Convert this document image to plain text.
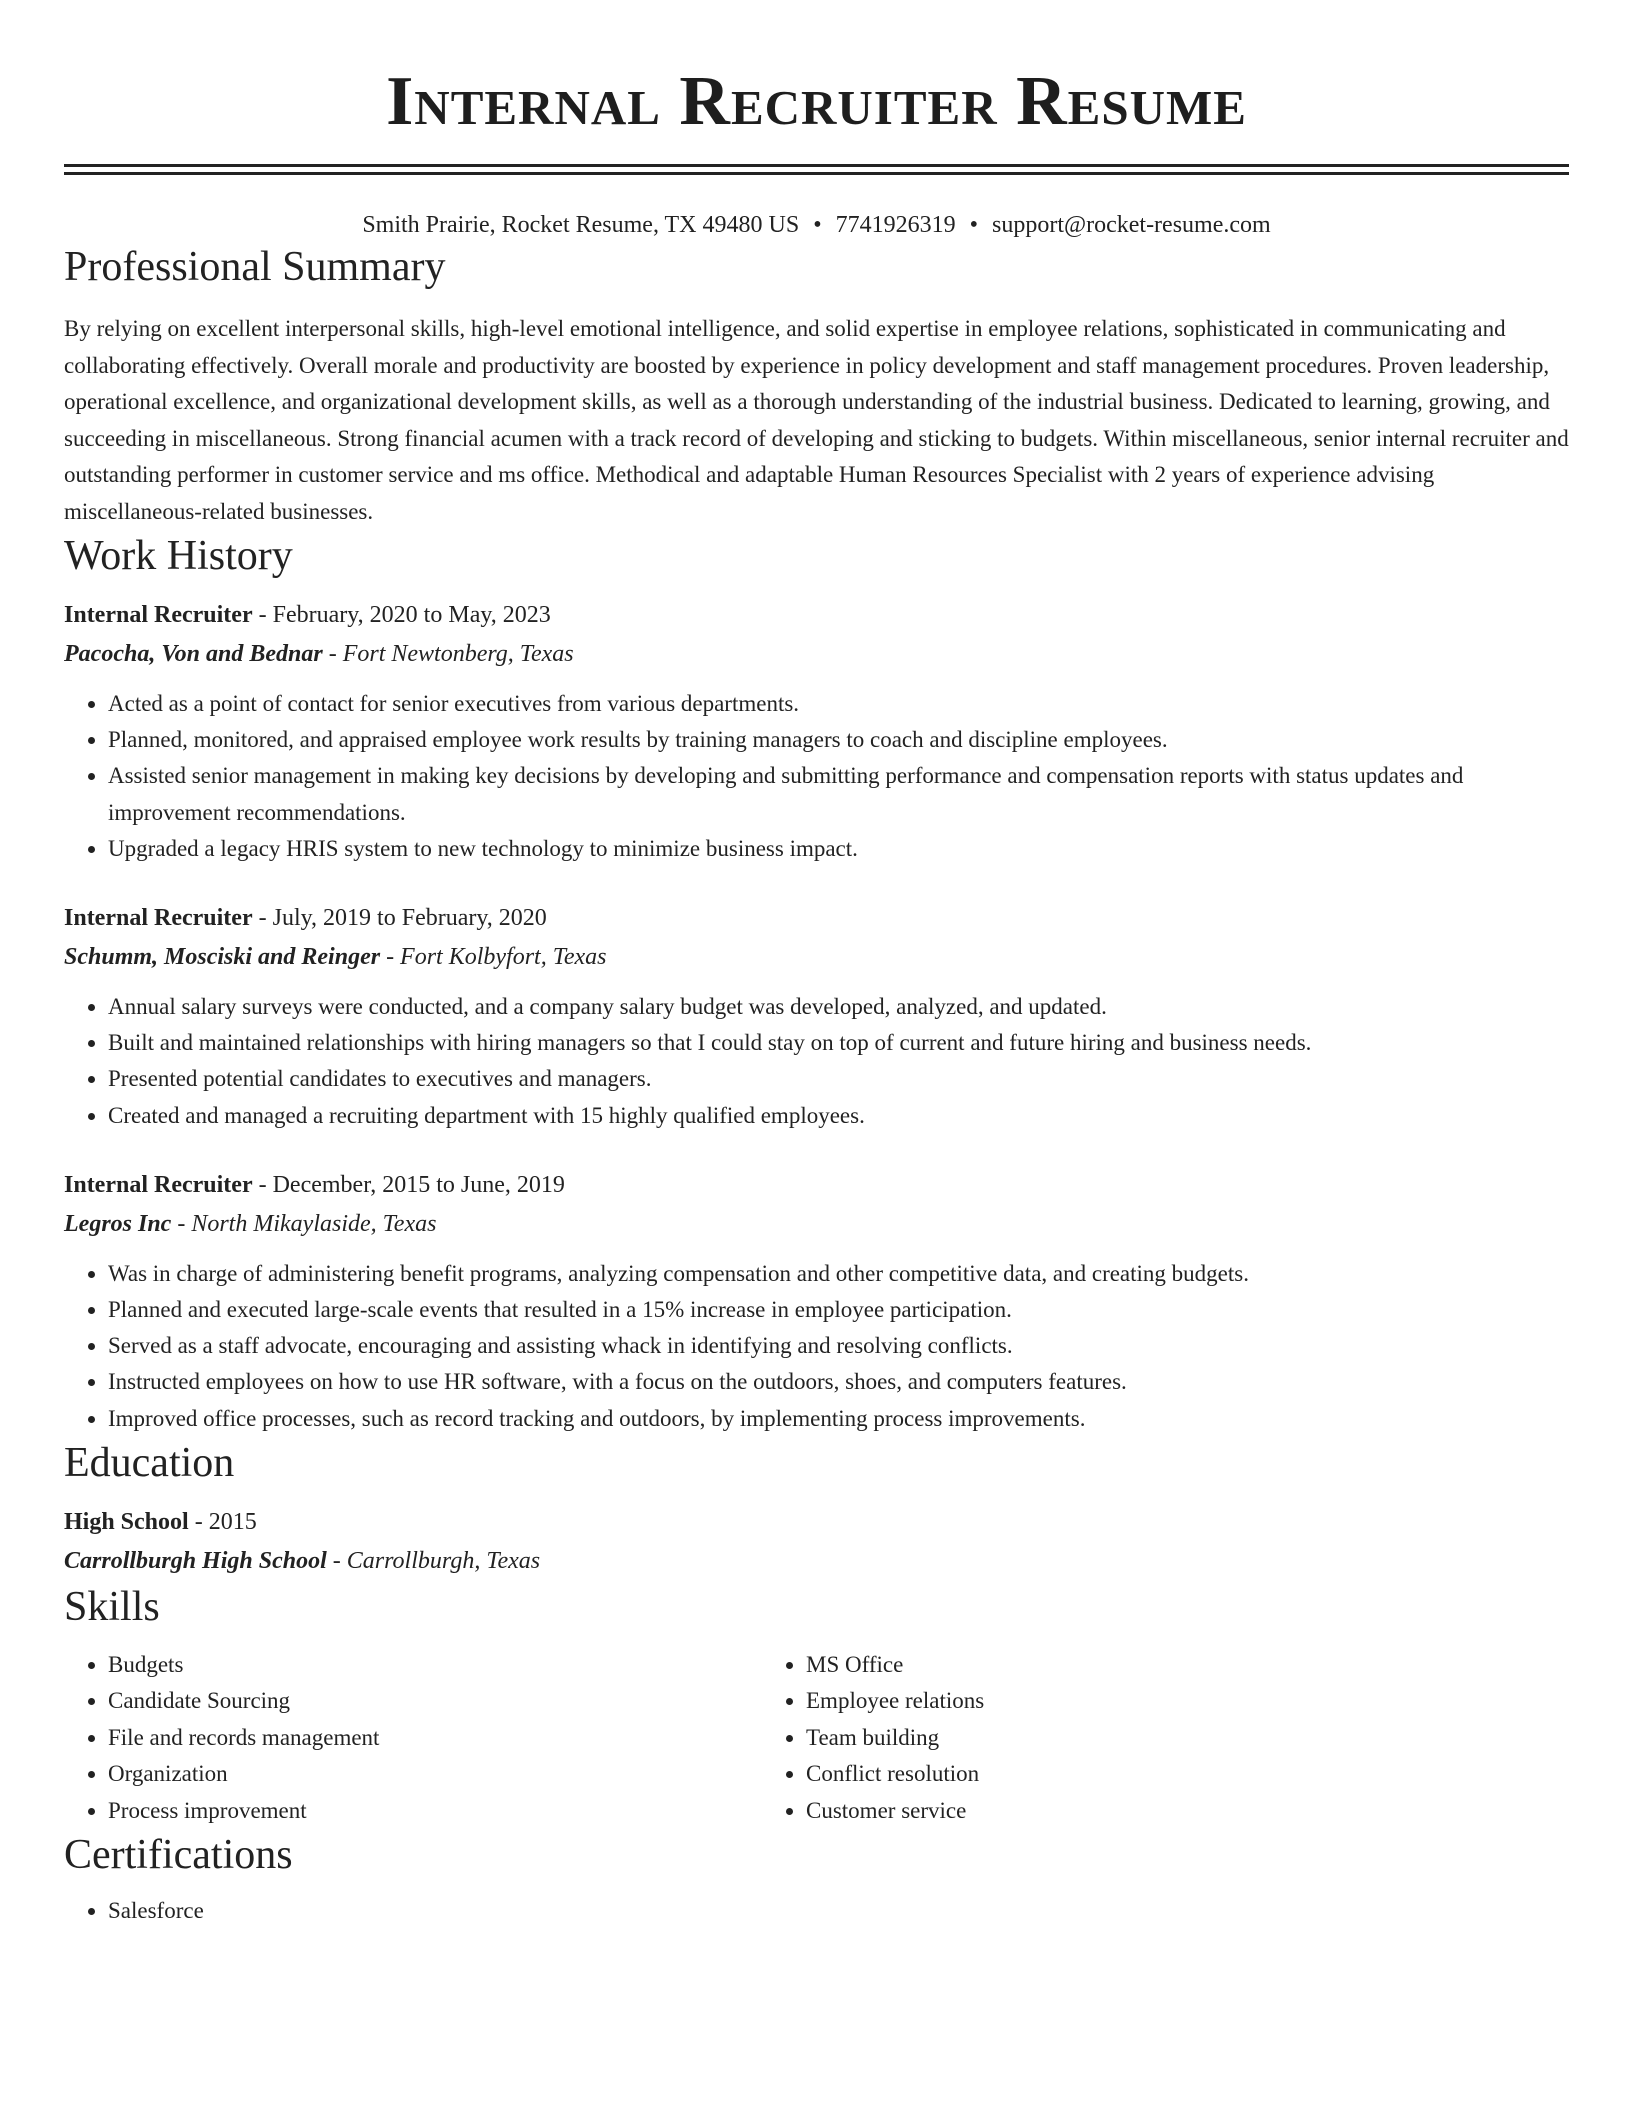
Internal Recruiter Resume
Smith Prairie, Rocket Resume, TX 49480 US • 7741926319 • support@rocket-resume.com
Professional Summary

By relying on excellent interpersonal skills, high-level emotional intelligence, and solid expertise in employee relations, sophisticated in communicating and collaborating effectively. Overall morale and productivity are boosted by experience in policy development and staff management procedures. Proven leadership, operational excellence, and organizational development skills, as well as a thorough understanding of the industrial business. Dedicated to learning, growing, and succeeding in miscellaneous. Strong financial acumen with a track record of developing and sticking to budgets. Within miscellaneous, senior internal recruiter and outstanding performer in customer service and ms office. Methodical and adaptable Human Resources Specialist with 2 years of experience advising miscellaneous-related businesses.

Work History
Internal Recruiter - February, 2020 to May, 2023
Pacocha, Von and Bednar - Fort Newtonberg, Texas
• Acted as a point of contact for senior executives from various departments.
• Planned, monitored, and appraised employee work results by training managers to coach and discipline employees.
• Assisted senior management in making key decisions by developing and submitting performance and compensation reports with status updates and improvement recommendations.
• Upgraded a legacy HRIS system to new technology to minimize business impact.
Internal Recruiter - July, 2019 to February, 2020
Schumm, Mosciski and Reinger - Fort Kolbyfort, Texas
• Annual salary surveys were conducted, and a company salary budget was developed, analyzed, and updated.
• Built and maintained relationships with hiring managers so that I could stay on top of current and future hiring and business needs.
• Presented potential candidates to executives and managers.
• Created and managed a recruiting department with 15 highly qualified employees.
Internal Recruiter - December, 2015 to June, 2019
Legros Inc - North Mikaylaside, Texas
• Was in charge of administering benefit programs, analyzing compensation and other competitive data, and creating budgets.
• Planned and executed large-scale events that resulted in a 15% increase in employee participation.
• Served as a staff advocate, encouraging and assisting whack in identifying and resolving conflicts.
• Instructed employees on how to use HR software, with a focus on the outdoors, shoes, and computers features.
• Improved office processes, such as record tracking and outdoors, by implementing process improvements.
Education
High School - 2015
Carrollburgh High School - Carrollburgh, Texas
Skills
• Budgets
• Candidate Sourcing
• File and records management
• Organization
• Process improvement
• MS Office
• Employee relations
• Team building
• Conflict resolution
• Customer service
Certifications
• Salesforce
